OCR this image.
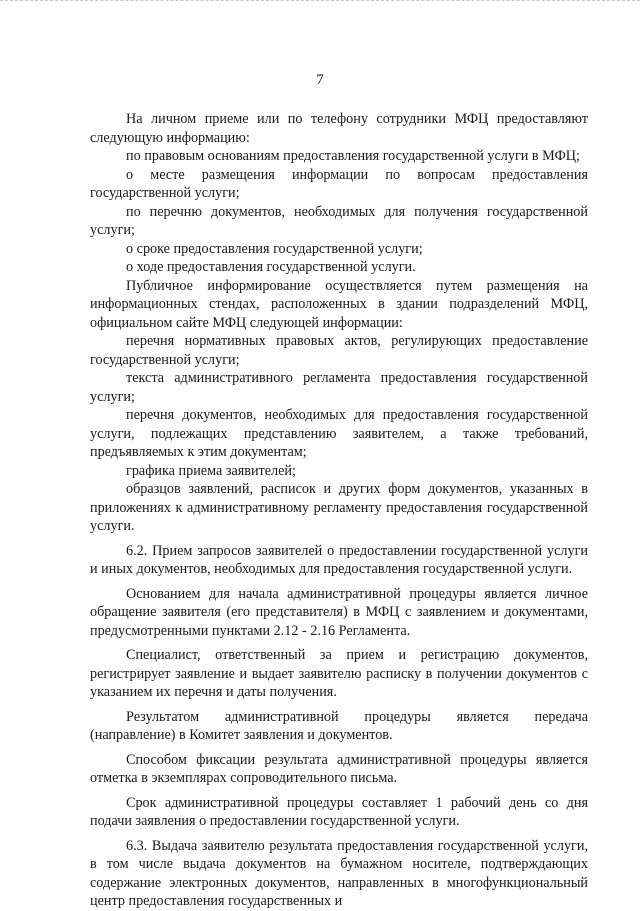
7

На личном приеме или по телефону сотрудники МФЦ предоставляют следующую информацию:

по правовым основаниям предоставления государственной услуги в МФЦ;

о месте размещения информации по вопросам предоставления государственной услуги;

по перечню документов, необходимых для получения государственной услуги;

о сроке предоставления государственной услуги;

о ходе предоставления государственной услуги.

Публичное информирование осуществляется путем размещения на информационных стендах, расположенных в здании подразделений МФЦ, официальном сайте МФЦ следующей информации:

перечня нормативных правовых актов, регулирующих предоставление государственной услуги;

текста административного регламента предоставления государственной услуги;

перечня документов, необходимых для предоставления государственной услуги, подлежащих представлению заявителем, а также требований, предъявляемых к этим документам;

графика приема заявителей;

образцов заявлений, расписок и других форм документов, указанных в приложениях к административному регламенту предоставления государственной услуги.

6.2. Прием запросов заявителей о предоставлении государственной услуги и иных документов, необходимых для предоставления государственной услуги.

Основанием для начала административной процедуры является личное обращение заявителя (его представителя) в МФЦ с заявлением и документами, предусмотренными пунктами 2.12 - 2.16 Регламента.

Специалист, ответственный за прием и регистрацию документов, регистрирует заявление и выдает заявителю расписку в получении документов с указанием их перечня и даты получения.

Результатом административной процедуры является передача (направление) в Комитет заявления и документов.

Способом фиксации результата административной процедуры является отметка в экземплярах сопроводительного письма.

Срок административной процедуры составляет 1 рабочий день со дня подачи заявления о предоставлении государственной услуги.

6.3. Выдача заявителю результата предоставления государственной услуги, в том числе выдача документов на бумажном носителе, подтверждающих содержание электронных документов, направленных в многофункциональный центр предоставления государственных и
